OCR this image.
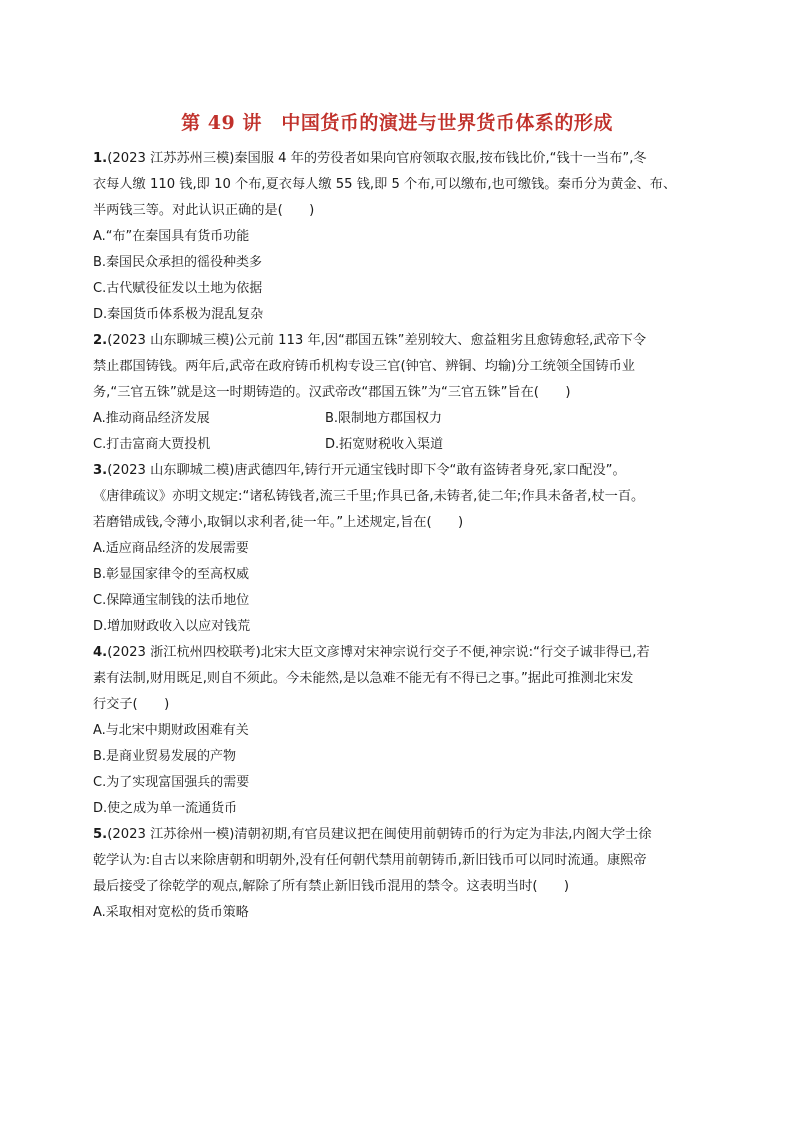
第 49 讲　中国货币的演进与世界货币体系的形成
1.(2023 江苏苏州三模)秦国服 4 年的劳役者如果向官府领取衣服,按布钱比价,“钱十一当布”,冬
衣每人缴 110 钱,即 10 个布,夏衣每人缴 55 钱,即 5 个布,可以缴布,也可缴钱。秦币分为黄金、布、
半两钱三等。对此认识正确的是(　　)
A.“布”在秦国具有货币功能
B.秦国民众承担的徭役种类多
C.古代赋役征发以土地为依据
D.秦国货币体系极为混乱复杂
2.(2023 山东聊城三模)公元前 113 年,因“郡国五铢”差别较大、愈益粗劣且愈铸愈轻,武帝下令
禁止郡国铸钱。两年后,武帝在政府铸币机构专设三官(钟官、辨铜、均输)分工统领全国铸币业
务,“三官五铢”就是这一时期铸造的。汉武帝改“郡国五铢”为“三官五铢”旨在(　　)
A.推动商品经济发展	B.限制地方郡国权力
C.打击富商大贾投机	D.拓宽财税收入渠道
3.(2023 山东聊城二模)唐武德四年,铸行开元通宝钱时即下令“敢有盗铸者身死,家口配没”。
《唐律疏议》亦明文规定:“诸私铸钱者,流三千里;作具已备,未铸者,徒二年;作具未备者,杖一百。
若磨错成钱,令薄小,取铜以求利者,徒一年。”上述规定,旨在(　　)
A.适应商品经济的发展需要
B.彰显国家律令的至高权威
C.保障通宝制钱的法币地位
D.增加财政收入以应对钱荒
4.(2023 浙江杭州四校联考)北宋大臣文彦博对宋神宗说行交子不便,神宗说:“行交子诚非得已,若
素有法制,财用既足,则自不须此。今未能然,是以急难不能无有不得已之事。”据此可推测北宋发
行交子(　　)
A.与北宋中期财政困难有关
B.是商业贸易发展的产物
C.为了实现富国强兵的需要
D.使之成为单一流通货币
5.(2023 江苏徐州一模)清朝初期,有官员建议把在闽使用前朝铸币的行为定为非法,内阁大学士徐
乾学认为:自古以来除唐朝和明朝外,没有任何朝代禁用前朝铸币,新旧钱币可以同时流通。康熙帝
最后接受了徐乾学的观点,解除了所有禁止新旧钱币混用的禁令。这表明当时(　　)
A.采取相对宽松的货币策略
